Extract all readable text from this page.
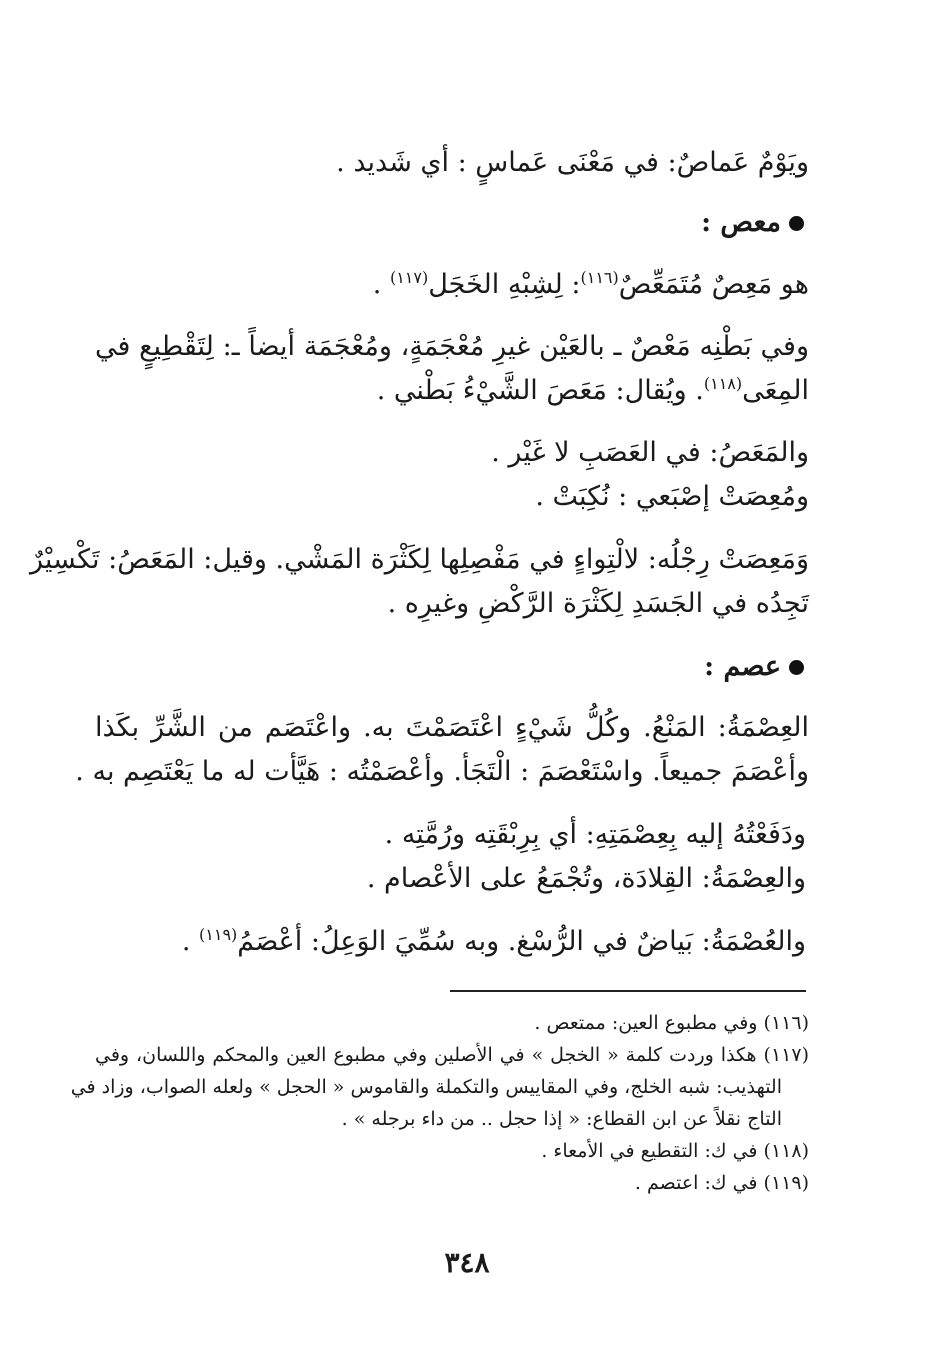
ويَوْمٌ عَماصٌ: في مَعْنَى عَماسٍ : أي شَديد .
معص :
هو مَعِصٌ مُتَمَعِّصٌ$^{(١١٦)}$: لِشِبْهِ الخَجَل$^{(١١٧)}$ .
وفي بَطْنِه مَعْصٌ ـ بالعَيْن غيرِ مُعْجَمَةٍ، ومُعْجَمَة أيضاً ـ: لِتَقْطِيعٍ في
المِعَى$^{(١١٨)}$. ويُقال: مَعَصَ الشَّيْءُ بَطْني .
والمَعَصُ: في العَصَبِ لا غَيْر .
ومُعِصَتْ إصْبَعي : نُكِبَتْ .
وَمَعِصَتْ رِجْلُه: لالْتِواءٍ في مَفْصِلِها لِكَثْرَة المَشْي. وقيل: المَعَصُ: تَكْسِيْرٌ
تَجِدُه في الجَسَدِ لِكَثْرَة الرَّكْضِ وغيرِه .
عصم :
العِصْمَةُ: المَنْعُ. وكُلُّ شَيْءٍ اعْتَصَمْتَ به. واعْتَصَم من الشَّرِّ بكَذا
وأعْصَمَ جميعاً. واسْتَعْصَمَ : الْتَجَأ. وأعْصَمْتُه : هَيَّأت له ما يَعْتَصِم به .
ودَفَعْتُهُ إليه بِعِصْمَتِهِ: أي بِرِبْقَتِه ورُمَّتِه .
والعِصْمَةُ: القِلادَة، وتُجْمَعُ على الأعْصام .
والعُصْمَةُ: بَياضٌ في الرُّسْغ. وبه سُمِّيَ الوَعِلُ: أعْصَمُ$^{(١١٩)}$ .
(١١٦) وفي مطبوع العين: ممتعص .
(١١٧) هكذا وردت كلمة « الخجل » في الأصلين وفي مطبوع العين والمحكم واللسان، وفي
التهذيب: شبه الخلج، وفي المقاييس والتكملة والقاموس « الحجل » ولعله الصواب، وزاد في
التاج نقلاً عن ابن القطاع: « إذا حجل .. من داء برجله » .
(١١٨) في ك: التقطيع في الأمعاء .
(١١٩) في ك: اعتصم .
٣٤٨
